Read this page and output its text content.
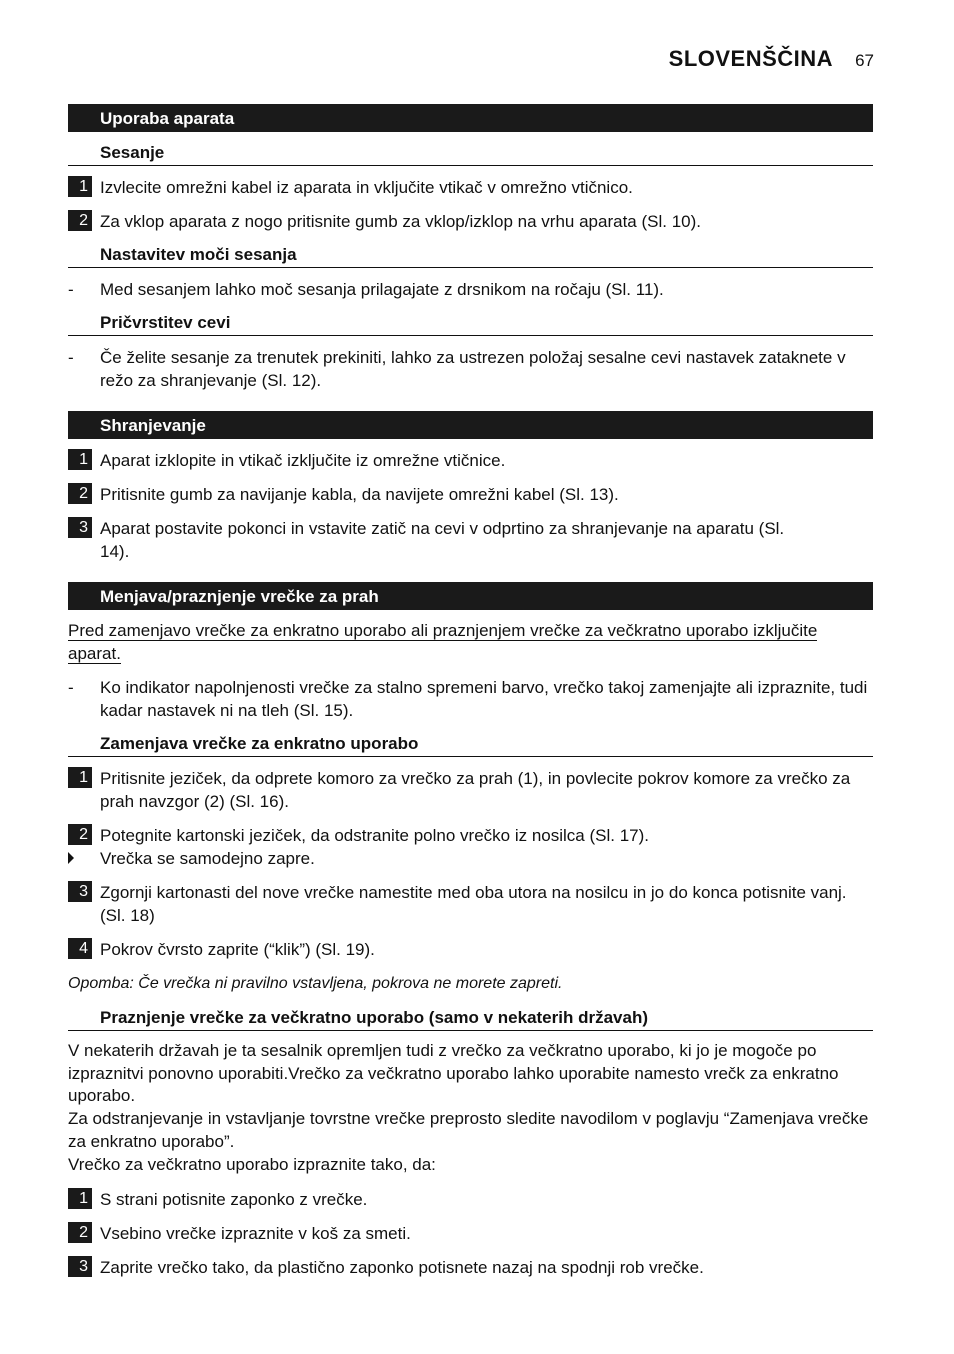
SLOVENŠČINA 67
Uporaba aparata
Sesanje
1 Izvlecite omrežni kabel iz aparata in vključite vtikač v omrežno vtičnico.
2 Za vklop aparata z nogo pritisnite gumb za vklop/izklop na vrhu aparata (Sl. 10).
Nastavitev moči sesanja
-	Med sesanjem lahko moč sesanja prilagajate z drsnikom na ročaju (Sl. 11).
Pričvrstitev cevi
-	Če želite sesanje za trenutek prekiniti, lahko za ustrezen položaj sesalne cevi nastavek zataknete v režo za shranjevanje (Sl. 12).
Shranjevanje
1 Aparat izklopite in vtikač izključite iz omrežne vtičnice.
2 Pritisnite gumb za navijanje kabla, da navijete omrežni kabel (Sl. 13).
3 Aparat postavite pokonci in vstavite zatič na cevi v odprtino za shranjevanje na aparatu (Sl. 14).
Menjava/praznjenje vrečke za prah
Pred zamenjavo vrečke za enkratno uporabo ali praznjenjem vrečke za večkratno uporabo izključite aparat.
-	Ko indikator napolnjenosti vrečke za stalno spremeni barvo, vrečko takoj zamenjajte ali izpraznite, tudi kadar nastavek ni na tleh (Sl. 15).
Zamenjava vrečke za enkratno uporabo
1 Pritisnite jeziček, da odprete komoro za vrečko za prah (1), in povlecite pokrov komore za vrečko za prah navzgor (2) (Sl. 16).
2 Potegnite kartonski jeziček, da odstranite polno vrečko iz nosilca (Sl. 17).
Vrečka se samodejno zapre.
3 Zgornji kartonasti del nove vrečke namestite med oba utora na nosilcu in jo do konca potisnite vanj. (Sl. 18)
4 Pokrov čvrsto zaprite (“klik”) (Sl. 19).
Opomba: Če vrečka ni pravilno vstavljena, pokrova ne morete zapreti.
Praznjenje vrečke za večkratno uporabo (samo v nekaterih državah)
V nekaterih državah je ta sesalnik opremljen tudi z vrečko za večkratno uporabo, ki jo je mogoče po izpraznitvi ponovno uporabiti.Vrečko za večkratno uporabo lahko uporabite namesto vrečk za enkratno uporabo.
Za odstranjevanje in vstavljanje tovrstne vrečke preprosto sledite navodilom v poglavju “Zamenjava vrečke za enkratno uporabo”.
Vrečko za večkratno uporabo izpraznite tako, da:
1 S strani potisnite zaponko z vrečke.
2 Vsebino vrečke izpraznite v koš za smeti.
3 Zaprite vrečko tako, da plastično zaponko potisnete nazaj na spodnji rob vrečke.
